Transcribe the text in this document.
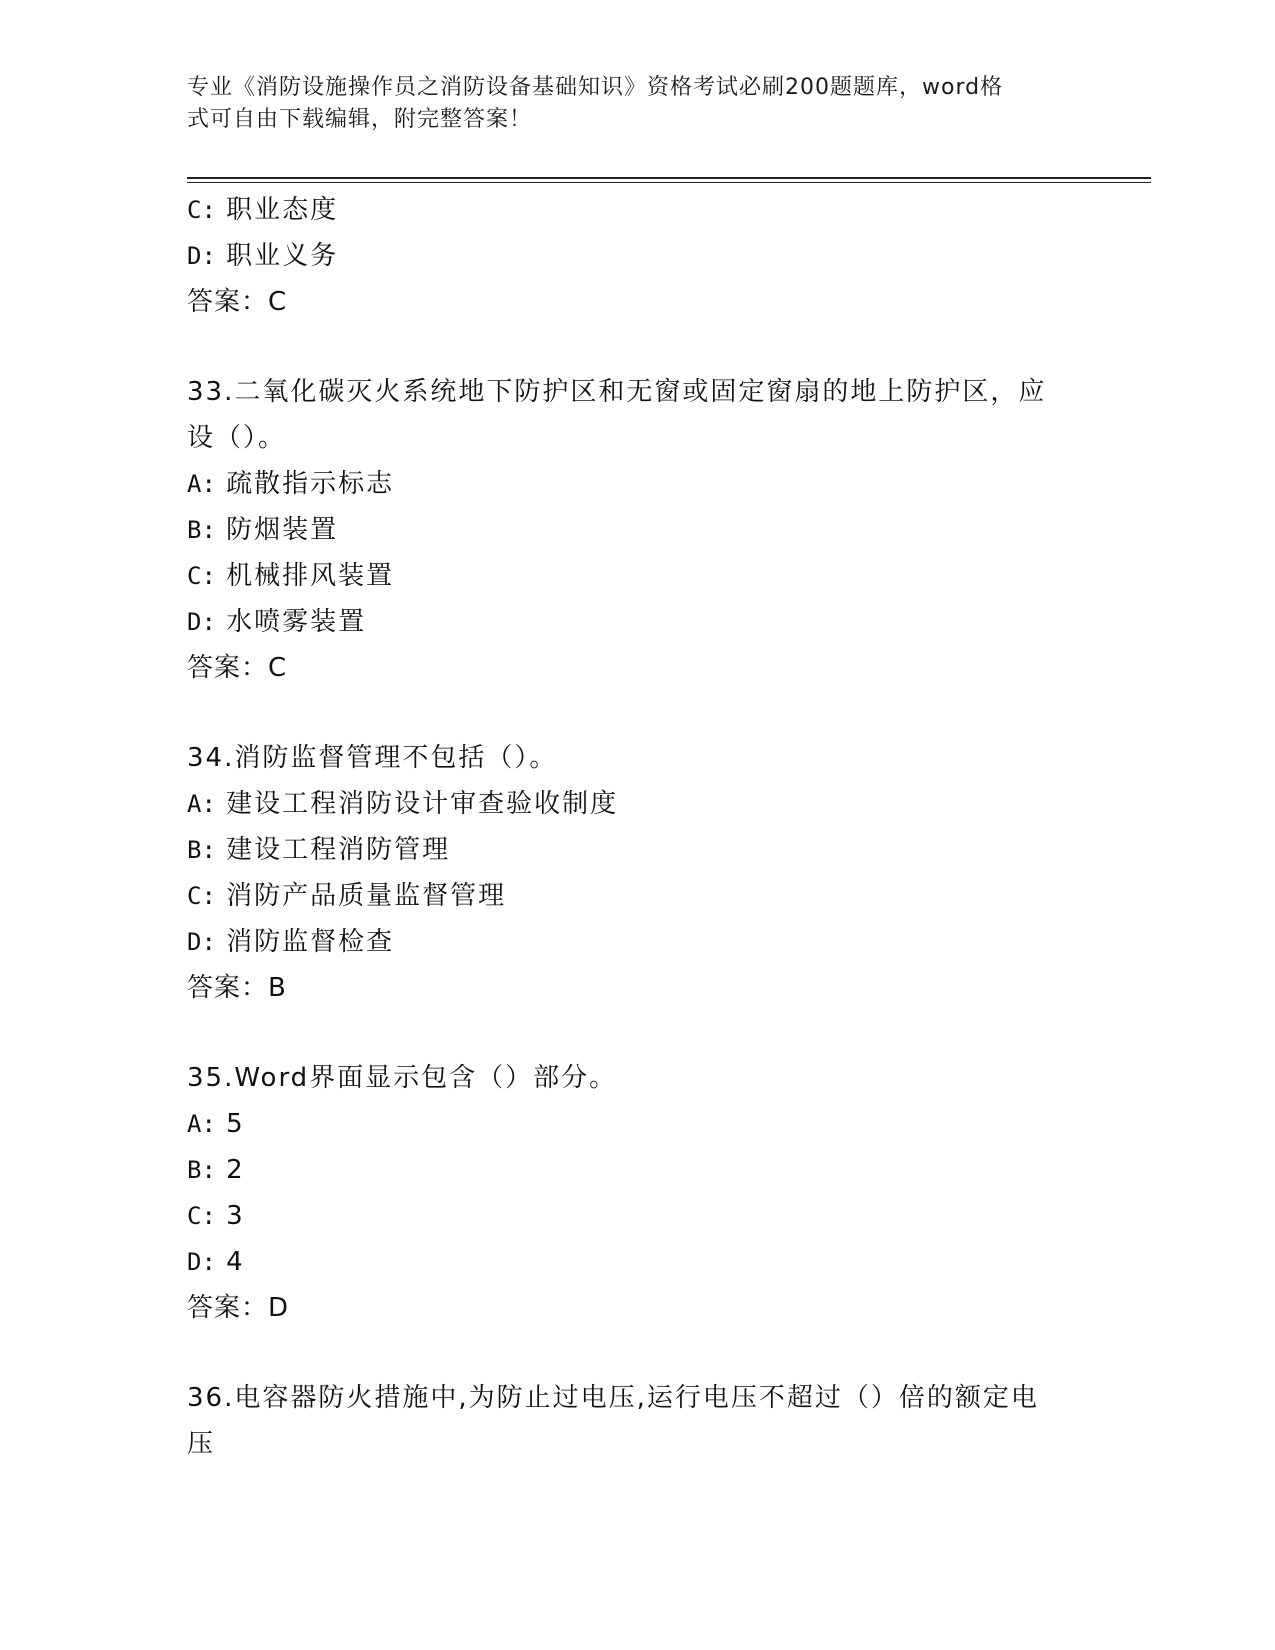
专业《消防设施操作员之消防设备基础知识》资格考试必刷200题题库，word格
式可自由下载编辑，附完整答案！
C: 职业态度
D: 职业义务
答案：C
33.二氧化碳灭火系统地下防护区和无窗或固定窗扇的地上防护区，应
设（）。
A: 疏散指示标志
B: 防烟装置
C: 机械排风装置
D: 水喷雾装置
答案：C
34.消防监督管理不包括（）。
A: 建设工程消防设计审查验收制度
B: 建设工程消防管理
C: 消防产品质量监督管理
D: 消防监督检查
答案：B
35.Word界面显示包含（）部分。
A: 5
B: 2
C: 3
D: 4
答案：D
36.电容器防火措施中,为防止过电压,运行电压不超过（）倍的额定电
压
